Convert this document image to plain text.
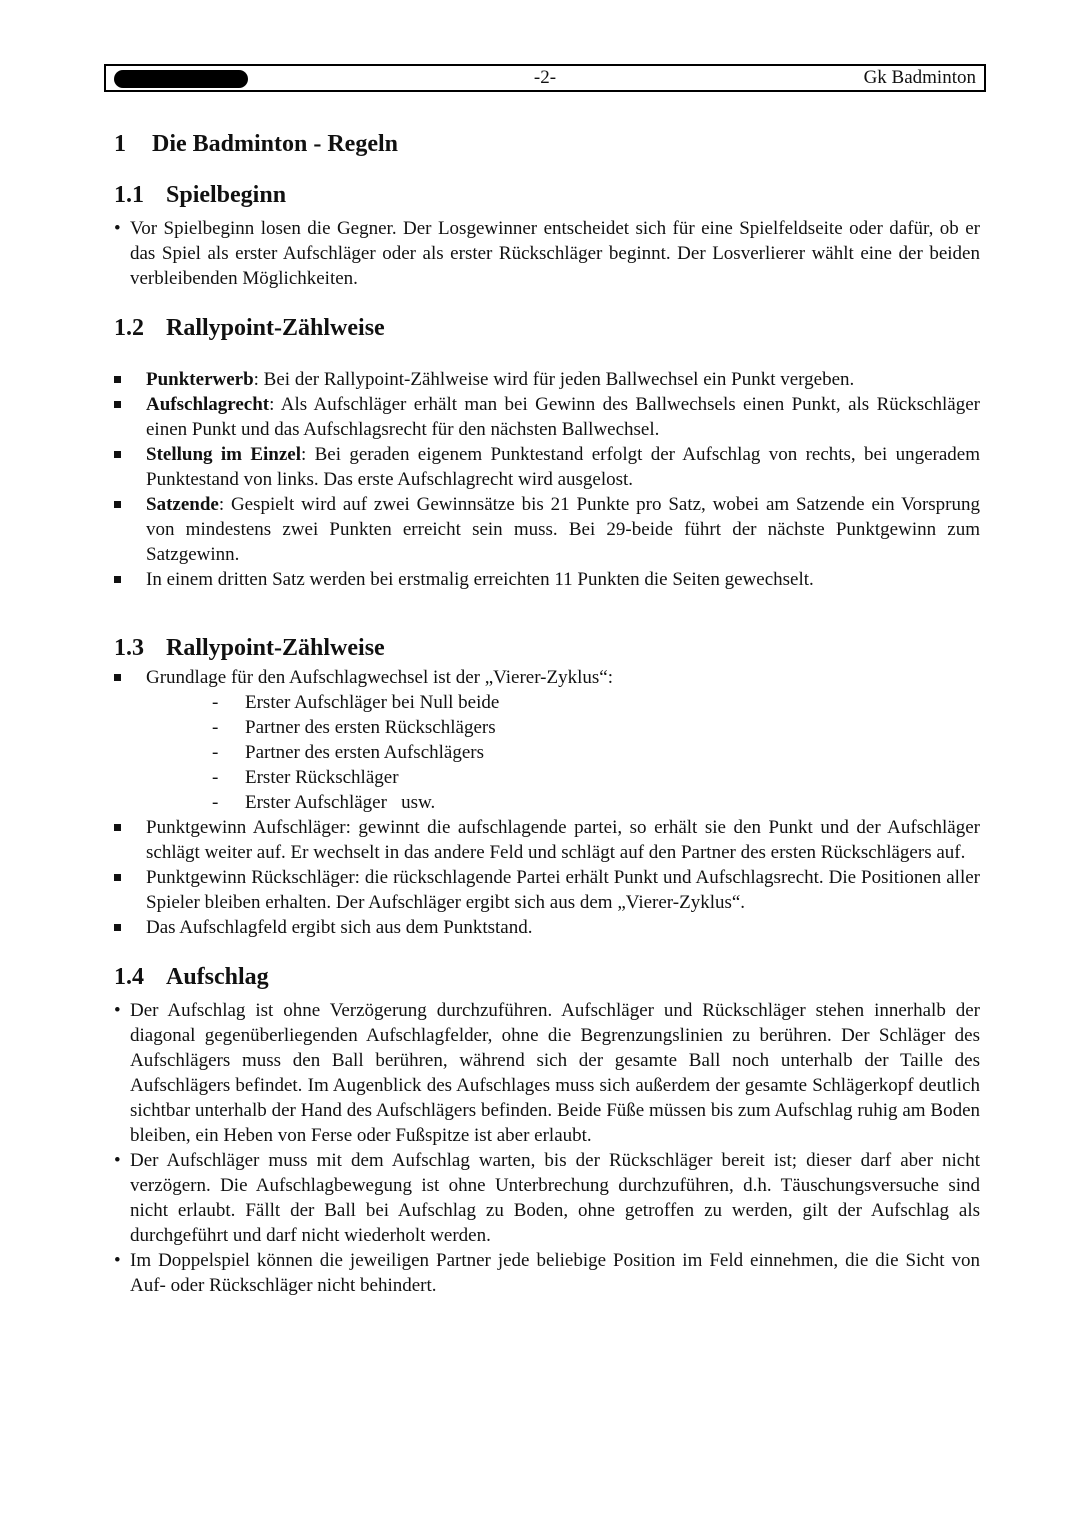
-2-	Gk Badminton
1 Die Badminton - Regeln
1.1 Spielbeginn

• Vor Spielbeginn losen die Gegner. Der Losgewinner entscheidet sich für eine Spielfeldseite oder dafür, ob er das Spiel als erster Aufschläger oder als erster Rückschläger beginnt. Der Losverlierer wählt eine der beiden verbleibenden Möglichkeiten.

1.2 Rallypoint-Zählweise
Punkterwerb: Bei der Rallypoint-Zählweise wird für jeden Ballwechsel ein Punkt vergeben.
Aufschlagrecht: Als Aufschläger erhält man bei Gewinn des Ballwechsels einen Punkt, als Rückschläger einen Punkt und das Aufschlagsrecht für den nächsten Ballwechsel.
Stellung im Einzel: Bei geraden eigenem Punktestand erfolgt der Aufschlag von rechts, bei ungeradem Punktestand von links. Das erste Aufschlagrecht wird ausgelost.
Satzende: Gespielt wird auf zwei Gewinnsätze bis 21 Punkte pro Satz, wobei am Satzende ein Vorsprung von mindestens zwei Punkten erreicht sein muss. Bei 29-beide führt der nächste Punktgewinn zum Satzgewinn.
In einem dritten Satz werden bei erstmalig erreichten 11 Punkten die Seiten gewechselt.
1.3 Rallypoint-Zählweise
Grundlage für den Aufschlagwechsel ist der „Vierer-Zyklus“:
- Erster Aufschläger bei Null beide
- Partner des ersten Rückschlägers
- Partner des ersten Aufschlägers
- Erster Rückschläger
- Erster Aufschläger   usw.
Punktgewinn Aufschläger: gewinnt die aufschlagende partei, so erhält sie den Punkt und der Aufschläger schlägt weiter auf. Er wechselt in das andere Feld und schlägt auf den Partner des ersten Rückschlägers auf.
Punktgewinn Rückschläger: die rückschlagende Partei erhält Punkt und Aufschlagsrecht. Die Positionen aller Spieler bleiben erhalten. Der Aufschläger ergibt sich aus dem „Vierer-Zyklus“.
Das Aufschlagfeld ergibt sich aus dem Punktstand.
1.4 Aufschlag

• Der Aufschlag ist ohne Verzögerung durchzuführen. Aufschläger und Rückschläger stehen innerhalb der diagonal gegenüberliegenden Aufschlagfelder, ohne die Begrenzungslinien zu berühren. Der Schläger des Aufschlägers muss den Ball berühren, während sich der gesamte Ball noch unterhalb der Taille des Aufschlägers befindet. Im Augenblick des Aufschlages muss sich außerdem der gesamte Schlägerkopf deutlich sichtbar unterhalb der Hand des Aufschlägers befinden. Beide Füße müssen bis zum Aufschlag ruhig am Boden bleiben, ein Heben von Ferse oder Fußspitze ist aber erlaubt.

• Der Aufschläger muss mit dem Aufschlag warten, bis der Rückschläger bereit ist; dieser darf aber nicht verzögern. Die Aufschlagbewegung ist ohne Unterbrechung durchzuführen, d.h. Täuschungsversuche sind nicht erlaubt. Fällt der Ball bei Aufschlag zu Boden, ohne getroffen zu werden, gilt der Aufschlag als durchgeführt und darf nicht wiederholt werden.

• Im Doppelspiel können die jeweiligen Partner jede beliebige Position im Feld einnehmen, die die Sicht von Auf- oder Rückschläger nicht behindert.
